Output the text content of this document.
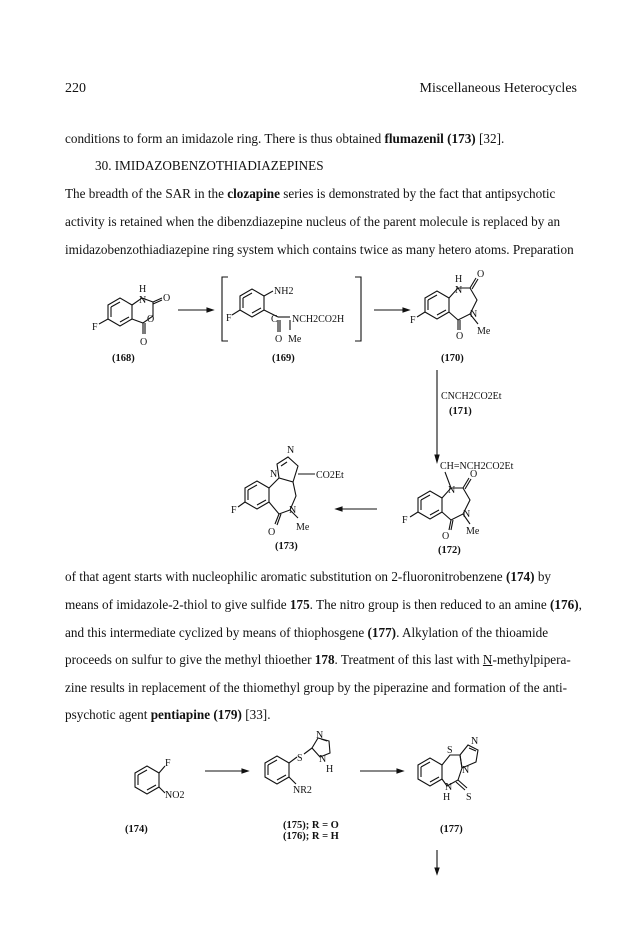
220	Miscellaneous Heterocycles
conditions to form an imidazole ring. There is thus obtained flumazenil (173) [32].
30. IMIDAZOBENZOTHIADIAZEPINES
The breadth of the SAR in the clozapine series is demonstrated by the fact that antipsychotic
activity is retained when the dibenzdiazepine nucleus of the parent molecule is replaced by an
imidazobenzothiadiazepine ring system which contains twice as many hetero atoms. Preparation
H
N O
O
O
F
(168)
NH2
C NCH2CO2H
O Me
F
(169)
H O
N
N
O Me
F
(170)
CNCH2CO2Et
(171)
CH=NCH2CO2Et
O
N
N
O Me
F
(172)
N
N	CO2Et
N
O Me
F
(173)
of that agent starts with nucleophilic aromatic substitution on 2-fluoronitrobenzene (174) by
means of imidazole-2-thiol to give sulfide 175. The nitro group is then reduced to an amine (176),
and this intermediate cyclized by means of thiophosgene (177). Alkylation of the thioamide
proceeds on sulfur to give the methyl thioether 178. Treatment of this last with N-methylpipera-
zine results in replacement of the thiomethyl group by the piperazine and formation of the anti-
psychotic agent pentiapine (179) [33].
F
NO2
(174)
S
N
N
H
NR2
(175); R = O
(176); R = H
S
N
N
N
H S
(177)
